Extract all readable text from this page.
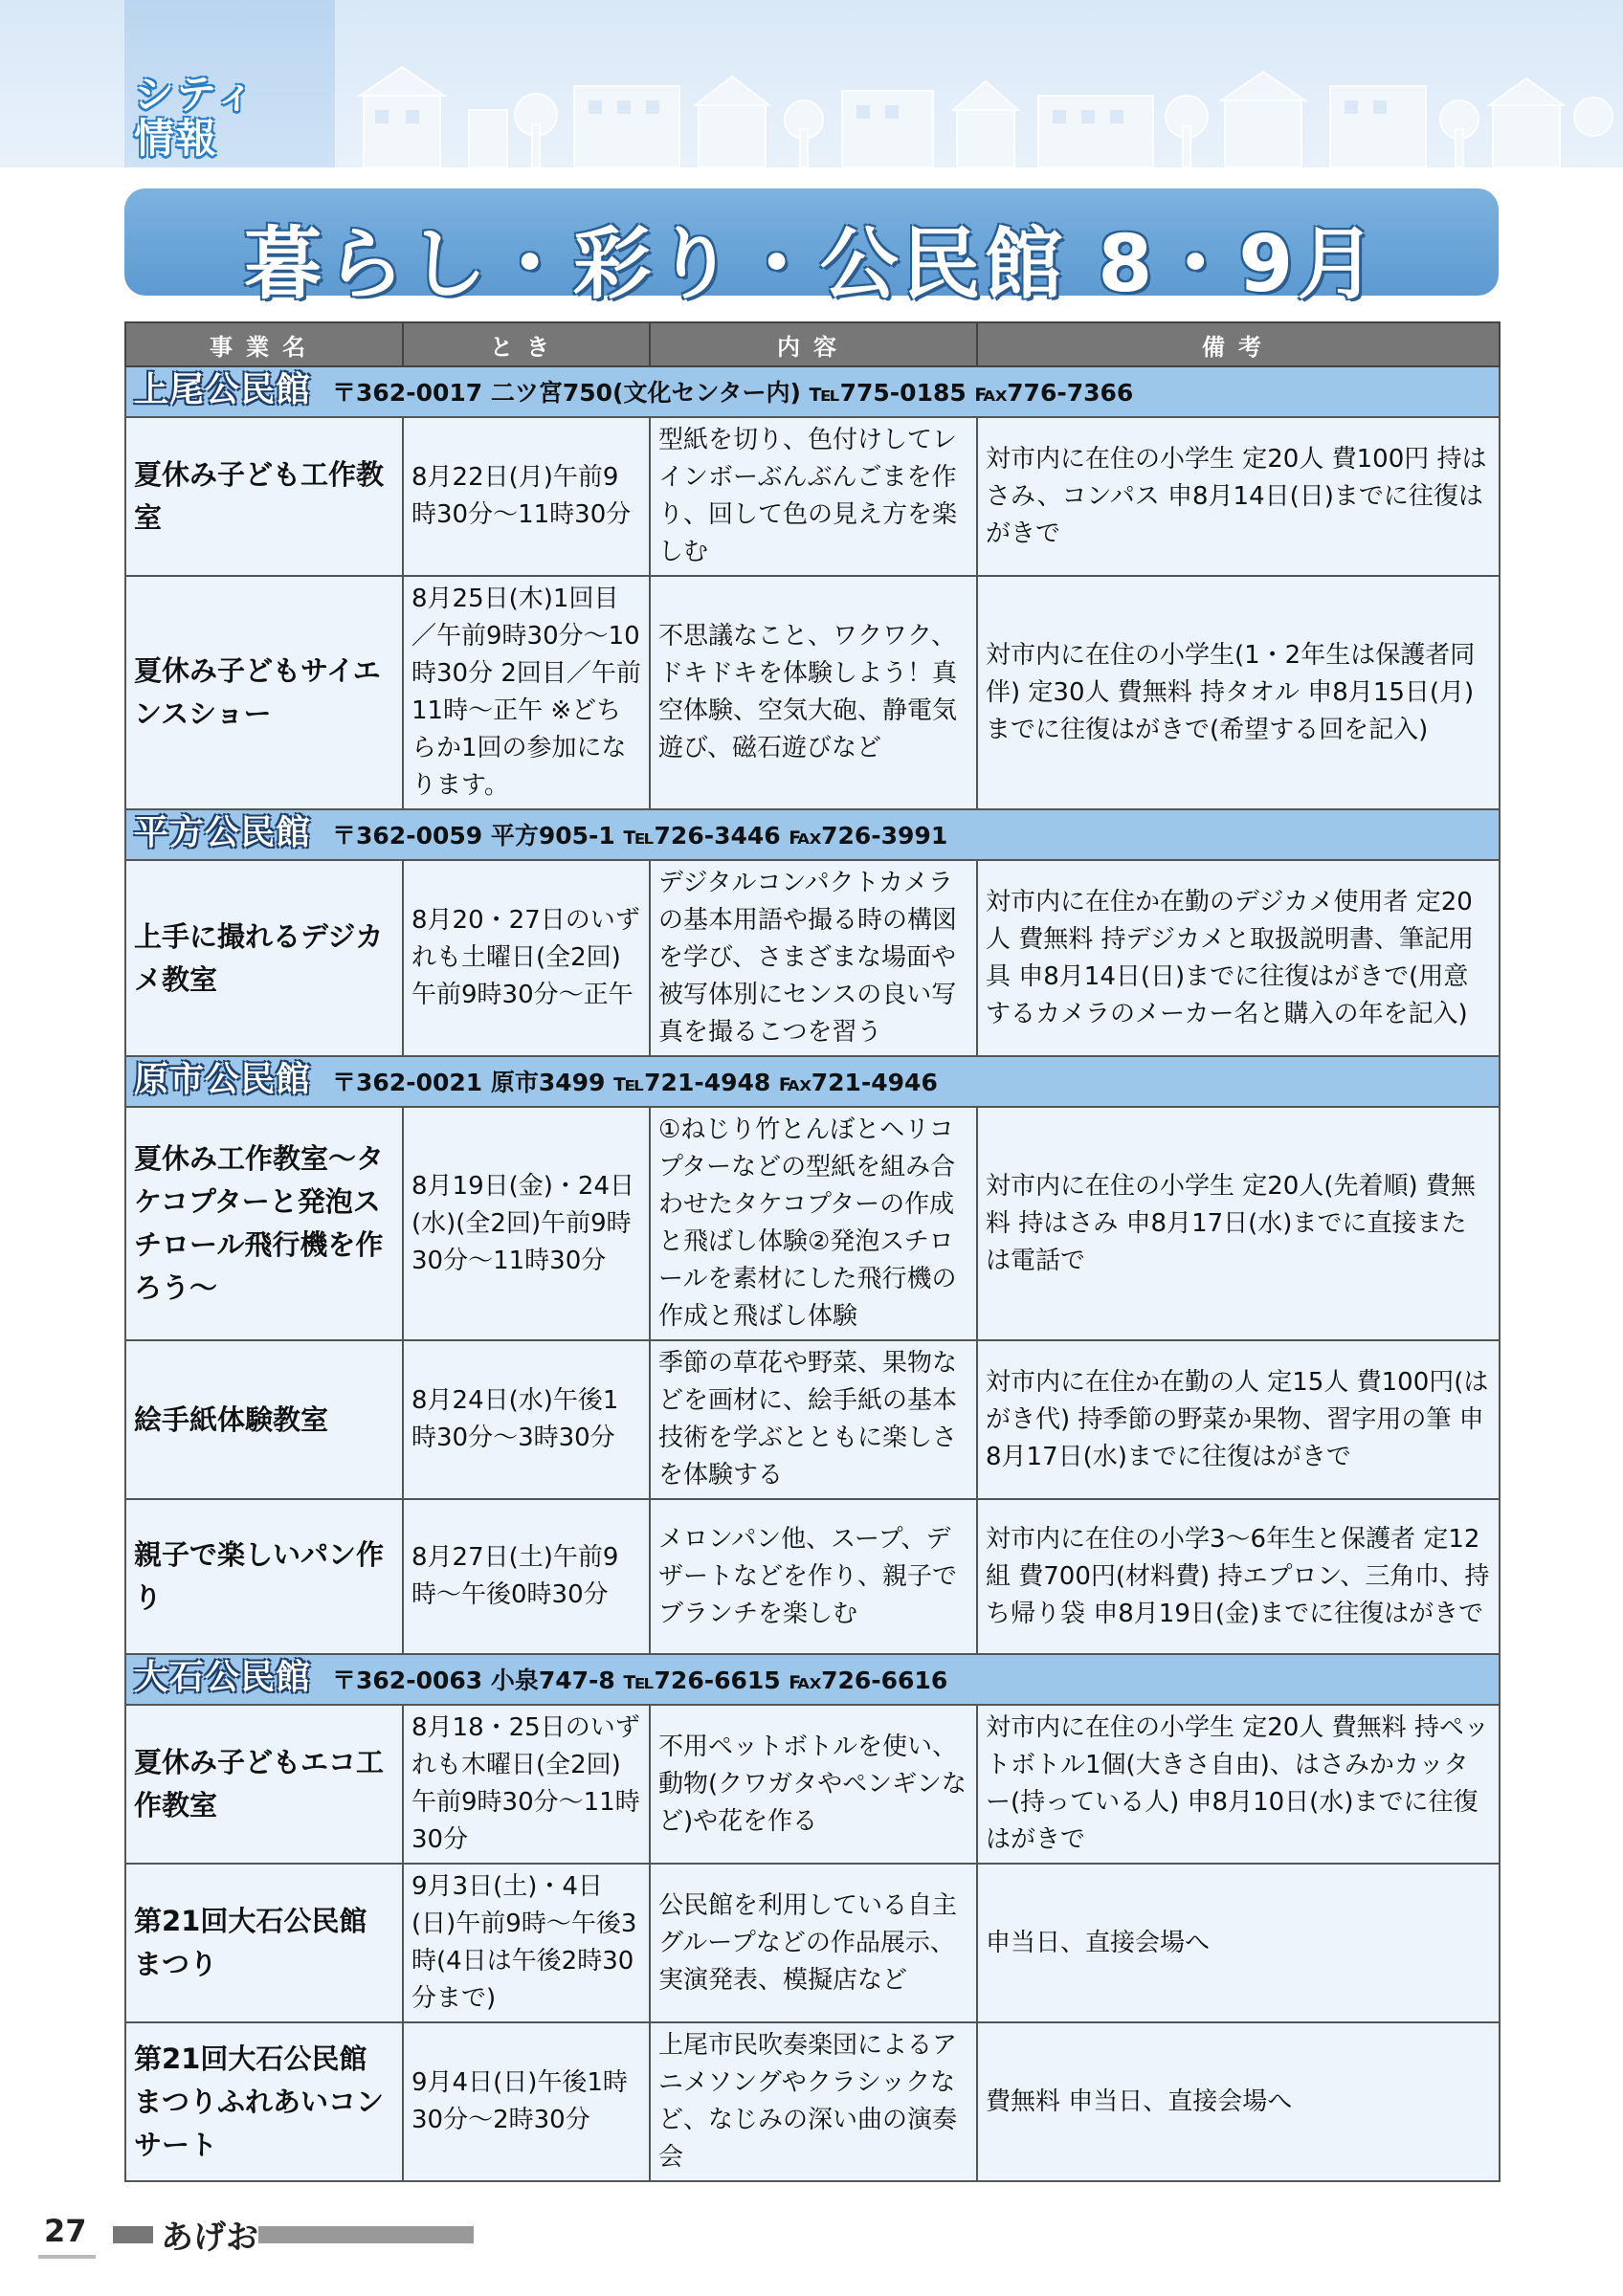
シティ
情報
暮らし・彩り・公民館 8・9月
事業名	とき	内容	備考
上尾公民館 〒362-0017 二ツ宮750(文化センター内) ℡775-0185 ℻776-7366			
夏休み子ども工作教室	8月22日(月)午前9時30分～11時30分	型紙を切り、色付けしてレインボーぶんぶんごまを作り、回して色の見え方を楽しむ	対市内に在住の小学生 定20人 費100円 持はさみ、コンパス 申8月14日(日)までに往復はがきで
夏休み子どもサイエンスショー	8月25日(木)1回目／午前9時30分～10時30分 2回目／午前11時～正午 ※どちらか1回の参加になります。	不思議なこと、ワクワク、ドキドキを体験しよう！真空体験、空気大砲、静電気遊び、磁石遊びなど	対市内に在住の小学生(1・2年生は保護者同伴) 定30人 費無料 持タオル 申8月15日(月)までに往復はがきで(希望する回を記入)
平方公民館 〒362-0059 平方905-1 ℡726-3446 ℻726-3991			
上手に撮れるデジカメ教室	8月20・27日のいずれも土曜日(全2回)午前9時30分～正午	デジタルコンパクトカメラの基本用語や撮る時の構図を学び、さまざまな場面や被写体別にセンスの良い写真を撮るこつを習う	対市内に在住か在勤のデジカメ使用者 定20人 費無料 持デジカメと取扱説明書、筆記用具 申8月14日(日)までに往復はがきで(用意するカメラのメーカー名と購入の年を記入)
原市公民館 〒362-0021 原市3499 ℡721-4948 ℻721-4946			
夏休み工作教室～タケコプターと発泡スチロール飛行機を作ろう～	8月19日(金)・24日(水)(全2回)午前9時30分～11時30分	①ねじり竹とんぼとヘリコプターなどの型紙を組み合わせたタケコプターの作成と飛ばし体験②発泡スチロールを素材にした飛行機の作成と飛ばし体験	対市内に在住の小学生 定20人(先着順) 費無料 持はさみ 申8月17日(水)までに直接または電話で
絵手紙体験教室	8月24日(水)午後1時30分～3時30分	季節の草花や野菜、果物などを画材に、絵手紙の基本技術を学ぶとともに楽しさを体験する	対市内に在住か在勤の人 定15人 費100円(はがき代) 持季節の野菜か果物、習字用の筆 申8月17日(水)までに往復はがきで
親子で楽しいパン作り	8月27日(土)午前9時～午後0時30分	メロンパン他、スープ、デザートなどを作り、親子でブランチを楽しむ	対市内に在住の小学3～6年生と保護者 定12組 費700円(材料費) 持エプロン、三角巾、持ち帰り袋 申8月19日(金)までに往復はがきで
大石公民館 〒362-0063 小泉747-8 ℡726-6615 ℻726-6616			
夏休み子どもエコ工作教室	8月18・25日のいずれも木曜日(全2回)午前9時30分～11時30分	不用ペットボトルを使い、動物(クワガタやペンギンなど)や花を作る	対市内に在住の小学生 定20人 費無料 持ペットボトル1個(大きさ自由)、はさみかカッター(持っている人) 申8月10日(水)までに往復はがきで
第21回大石公民館まつり	9月3日(土)・4日(日)午前9時～午後3時(4日は午後2時30分まで)	公民館を利用している自主グループなどの作品展示、実演発表、模擬店など	申当日、直接会場へ
第21回大石公民館まつりふれあいコンサート	9月4日(日)午後1時30分～2時30分	上尾市民吹奏楽団によるアニメソングやクラシックなど、なじみの深い曲の演奏会	費無料 申当日、直接会場へ
27 あげお
